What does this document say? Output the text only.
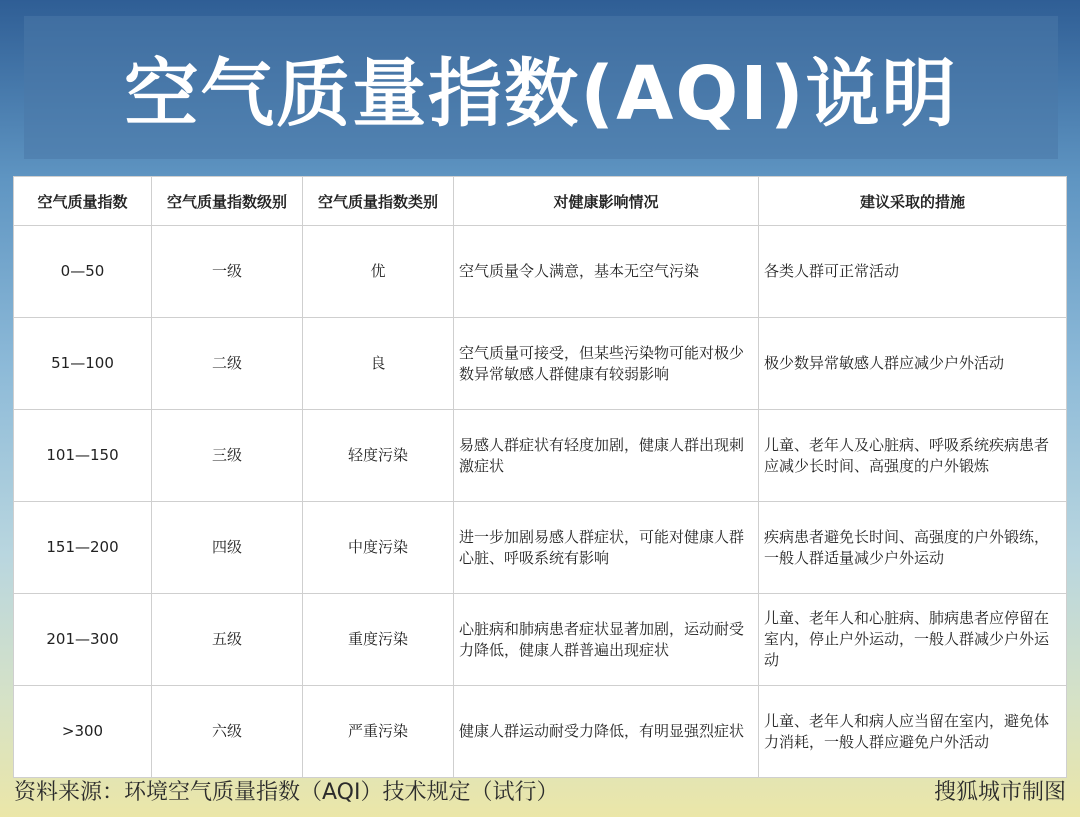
空气质量指数(AQI)说明
空气质量指数	空气质量指数级别	空气质量指数类别	对健康影响情况	建议采取的措施
0—50	一级	优	空气质量令人满意，基本无空气污染	各类人群可正常活动
51—100	二级	良	空气质量可接受，但某些污染物可能对极少数异常敏感人群健康有较弱影响	极少数异常敏感人群应减少户外活动
101—150	三级	轻度污染	易感人群症状有轻度加剧，健康人群出现刺激症状	儿童、老年人及心脏病、呼吸系统疾病患者应减少长时间、高强度的户外锻炼
151—200	四级	中度污染	进一步加剧易感人群症状，可能对健康人群心脏、呼吸系统有影响	疾病患者避免长时间、高强度的户外锻练，一般人群适量减少户外运动
201—300	五级	重度污染	心脏病和肺病患者症状显著加剧，运动耐受力降低，健康人群普遍出现症状	儿童、老年人和心脏病、肺病患者应停留在室内，停止户外运动，一般人群减少户外运动
>300	六级	严重污染	健康人群运动耐受力降低，有明显强烈症状	儿童、老年人和病人应当留在室内，避免体力消耗，一般人群应避免户外活动
资料来源：环境空气质量指数（AQI）技术规定（试行）	搜狐城市制图
